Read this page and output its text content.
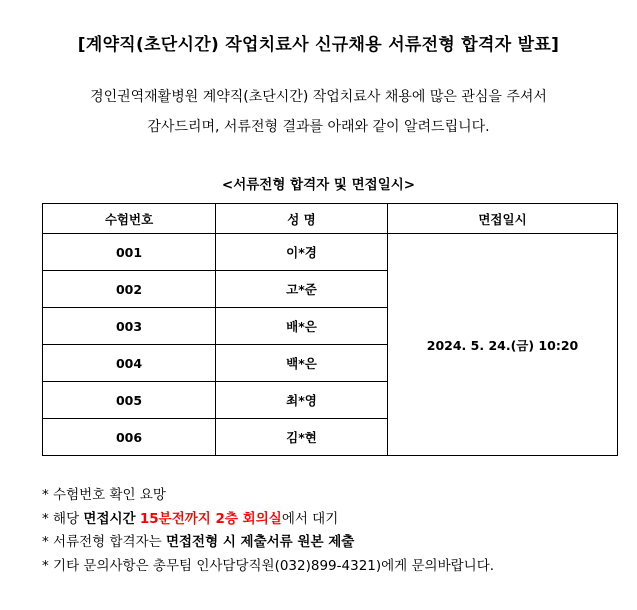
[계약직(초단시간) 작업치료사 신규채용 서류전형 합격자 발표]
경인권역재활병원 계약직(초단시간) 작업치료사 채용에 많은 관심을 주셔서
감사드리며, 서류전형 결과를 아래와 같이 알려드립니다.
<서류전형 합격자 및 면접일시>
수험번호	성 명	면접일시
001	이*경	2024. 5. 24.(금) 10:20
002	고*준	
003	배*은	
004	백*은	
005	최*영	
006	김*현	
* 수험번호 확인 요망
* 해당 면접시간 15분전까지 2층 회의실에서 대기
* 서류전형 합격자는 면접전형 시 제출서류 원본 제출
* 기타 문의사항은 총무팀 인사담당직원(032)899-4321)에게 문의바랍니다.
